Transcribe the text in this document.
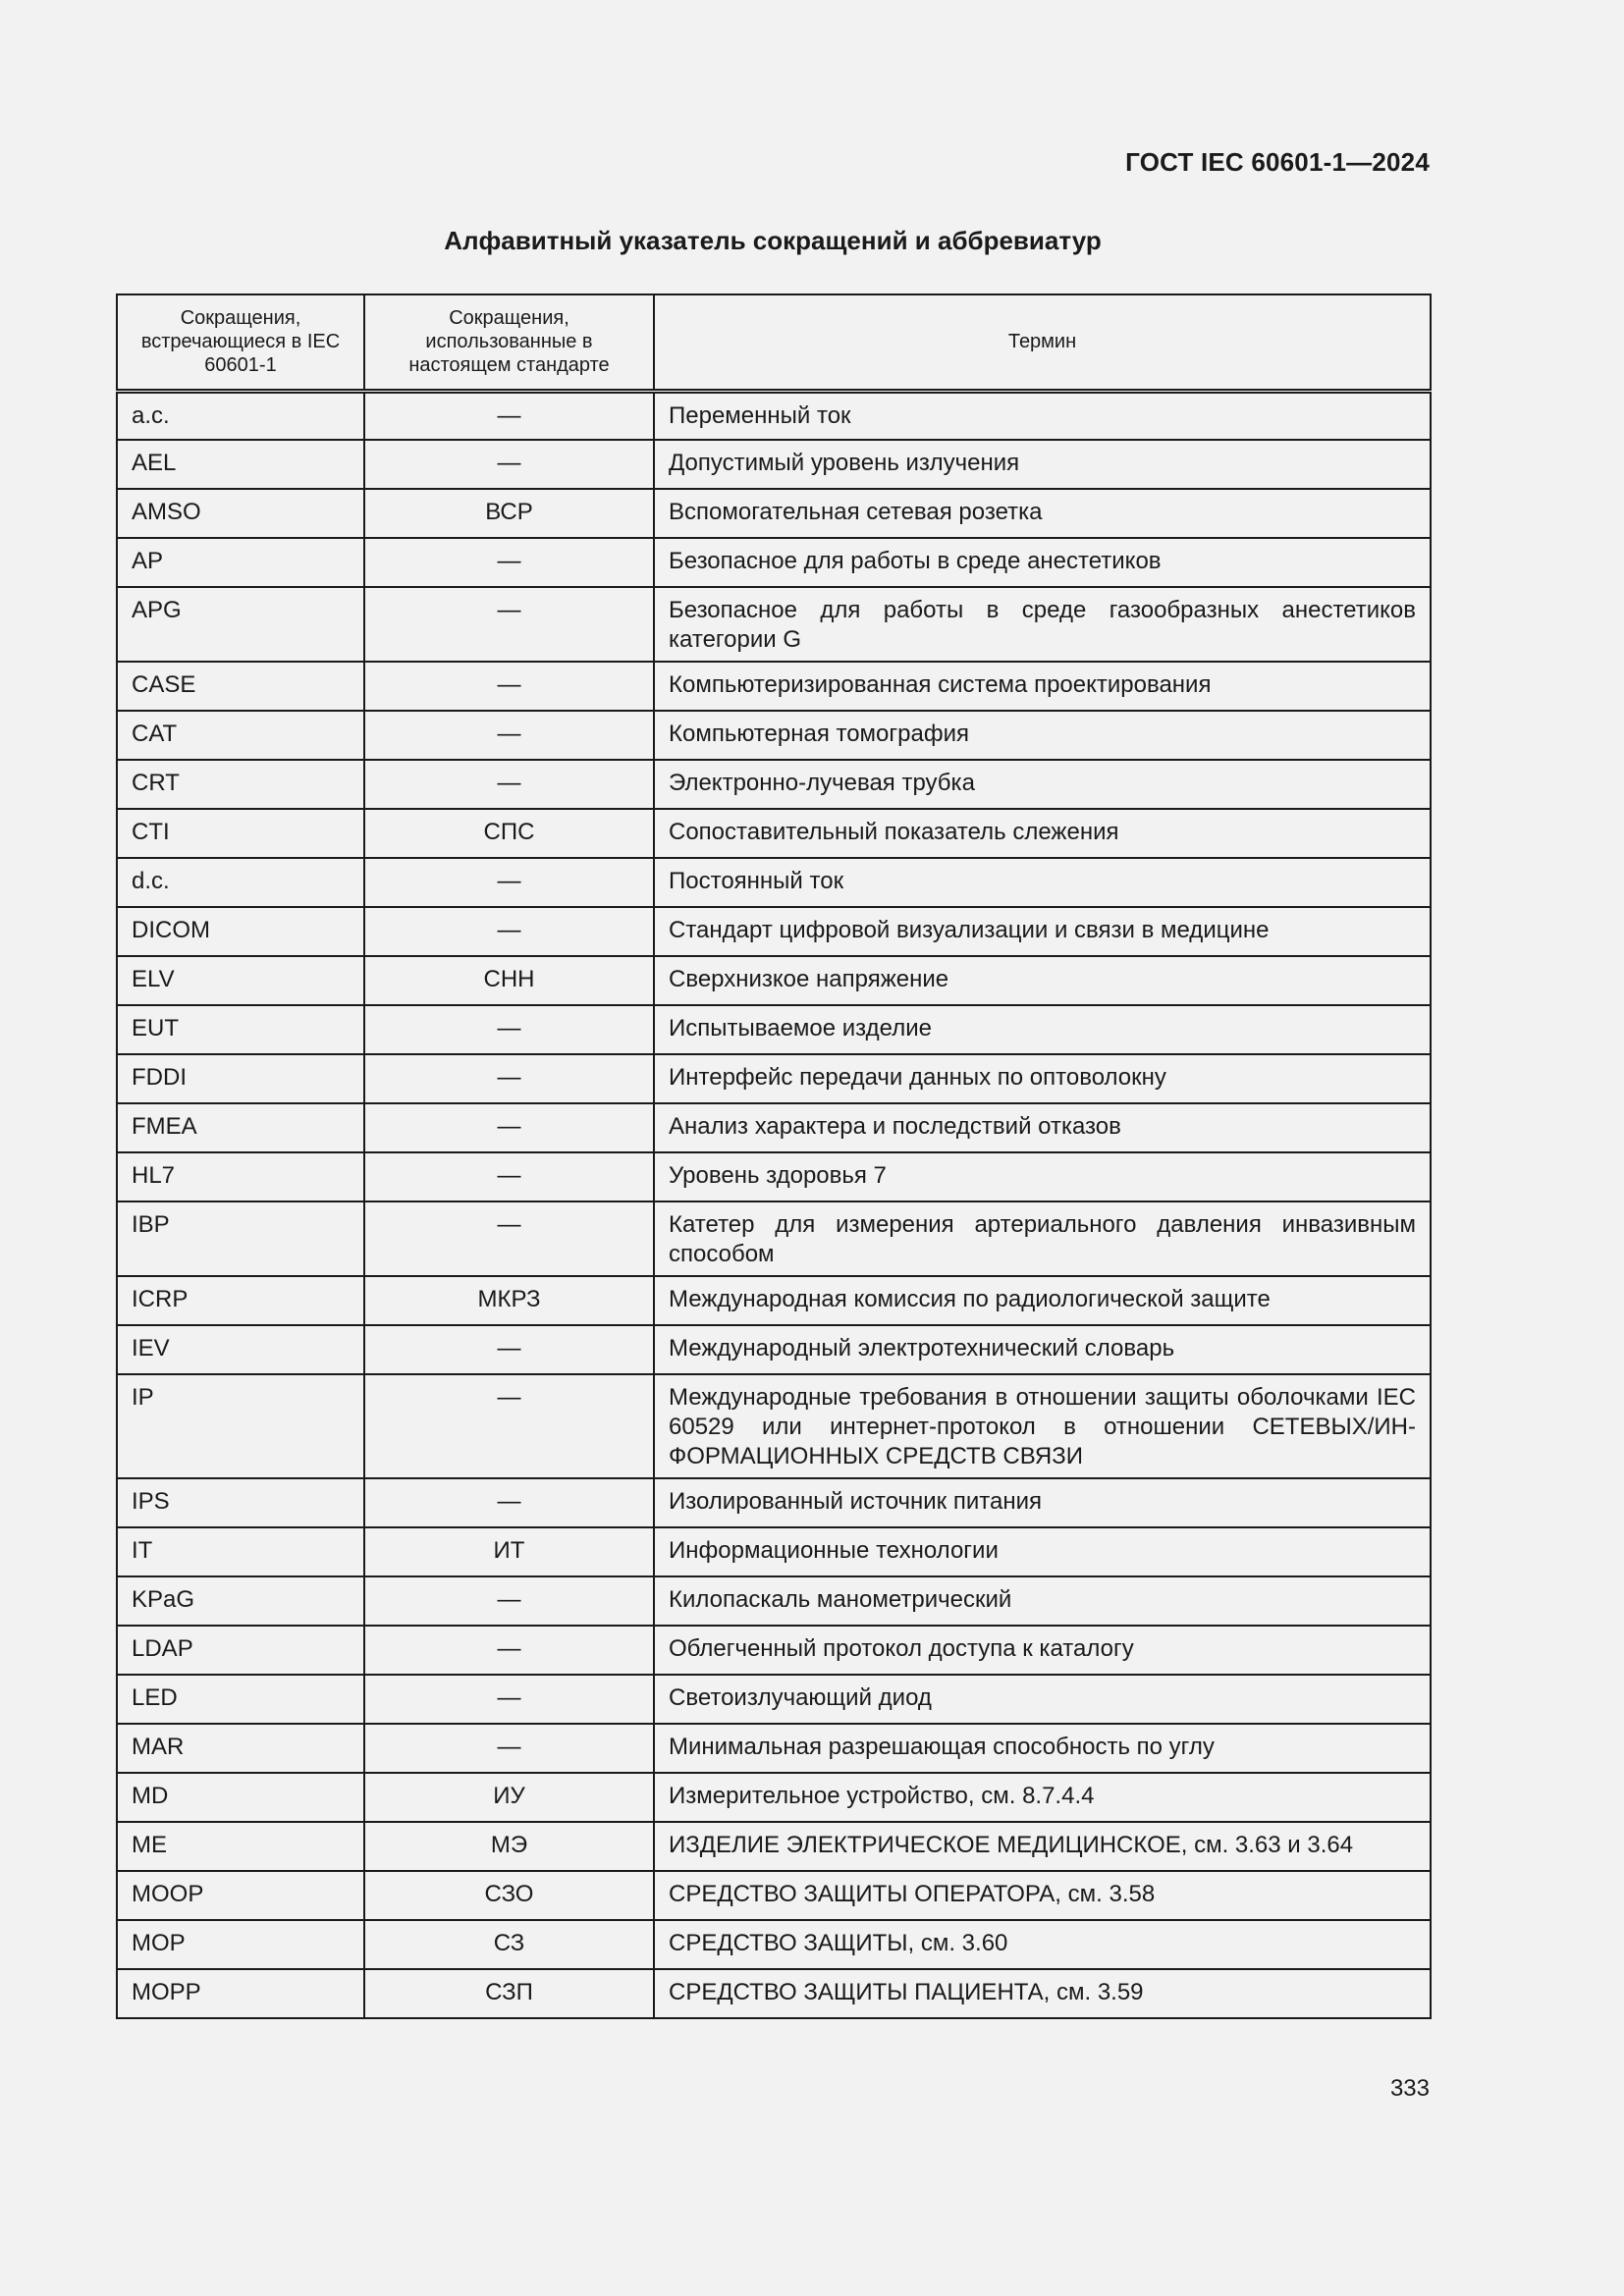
ГОСТ IEC 60601-1—2024
Алфавитный указатель сокращений и аббревиатур
Сокращения, встречающиеся в IEC 60601-1	Сокращения, использованные в настоящем стандарте	Термин
a.c.	—	Переменный ток
AEL	—	Допустимый уровень излучения
AMSO	ВСР	Вспомогательная сетевая розетка
AP	—	Безопасное для работы в среде анестетиков
APG	—	Безопасное для работы в среде газообразных анестетиков категории G
CASE	—	Компьютеризированная система проектирования
CAT	—	Компьютерная томография
CRT	—	Электронно-лучевая трубка
CTI	СПС	Сопоставительный показатель слежения
d.c.	—	Постоянный ток
DICOM	—	Стандарт цифровой визуализации и связи в медицине
ELV	СНН	Сверхнизкое напряжение
EUT	—	Испытываемое изделие
FDDI	—	Интерфейс передачи данных по оптоволокну
FMEA	—	Анализ характера и последствий отказов
HL7	—	Уровень здоровья 7
IBP	—	Катетер для измерения артериального давления инвазивным способом
ICRP	МКРЗ	Международная комиссия по радиологической защите
IEV	—	Международный электротехнический словарь
IP	—	Международные требования в отношении защиты оболочками IEC 60529 или интернет-протокол в отношении СЕТЕВЫХ/ИНФОРМАЦИОННЫХ СРЕДСТВ СВЯЗИ
IPS	—	Изолированный источник питания
IT	ИТ	Информационные технологии
KPaG	—	Килопаскаль манометрический
LDAP	—	Облегченный протокол доступа к каталогу
LED	—	Светоизлучающий диод
MAR	—	Минимальная разрешающая способность по углу
MD	ИУ	Измерительное устройство, см. 8.7.4.4
ME	МЭ	ИЗДЕЛИЕ ЭЛЕКТРИЧЕСКОЕ МЕДИЦИНСКОЕ, см. 3.63 и 3.64
MOOP	СЗО	СРЕДСТВО ЗАЩИТЫ ОПЕРАТОРА, см. 3.58
MOP	СЗ	СРЕДСТВО ЗАЩИТЫ, см. 3.60
MOPP	СЗП	СРЕДСТВО ЗАЩИТЫ ПАЦИЕНТА, см. 3.59
333
